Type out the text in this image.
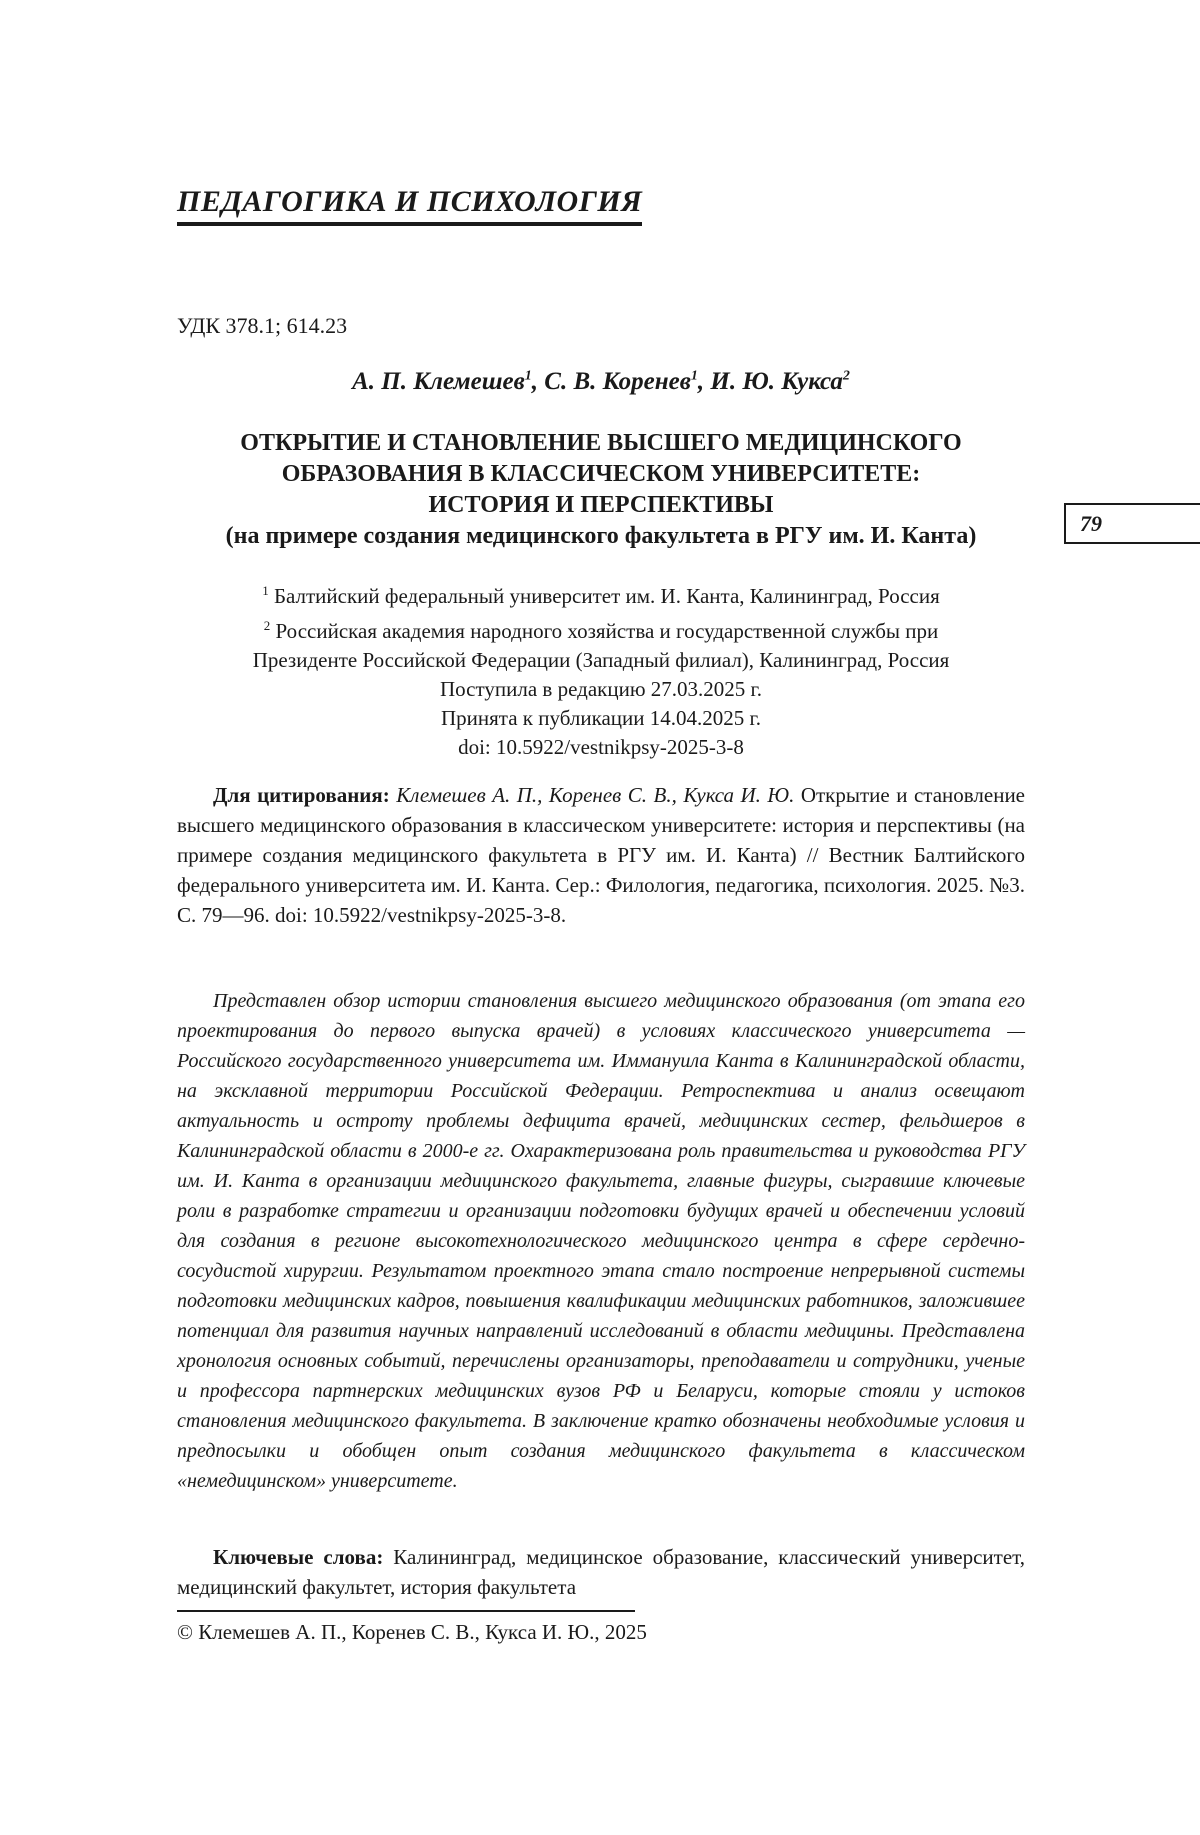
ПЕДАГОГИКА И ПСИХОЛОГИЯ

УДК 378.1; 614.23

А. П. Клемешев$^1$, С. В. Коренев$^1$, И. Ю. Кукса$^2$

ОТКРЫТИЕ И СТАНОВЛЕНИЕ ВЫСШЕГО МЕДИЦИНСКОГО
ОБРАЗОВАНИЯ В КЛАССИЧЕСКОМ УНИВЕРСИТЕТЕ:
ИСТОРИЯ И ПЕРСПЕКТИВЫ
(на примере создания медицинского факультета в РГУ им. И. Канта)	79
$^1$ Балтийский федеральный университет им. И. Канта, Калининград, Россия
$^2$ Российская академия народного хозяйства и государственной службы при
Президенте Российской Федерации (Западный филиал), Калининград, Россия
Поступила в редакцию 27.03.2025 г.
Принята к публикации 14.04.2025 г.
doi: 10.5922/vestnikpsy-2025-3-8

Для цитирования: Клемешев А. П., Коренев С. В., Кукса И. Ю. Открытие и становление высшего медицинского образования в классическом университете: история и перспективы (на примере создания медицинского факультета в РГУ им. И. Канта) // Вестник Балтийского федерального университета им. И. Канта. Сер.: Филология, педагогика, психология. 2025. №3. С. 79—96. doi: 10.5922/vestnikpsy-2025-3-8.

Представлен обзор истории становления высшего медицинского образования (от этапа его проектирования до первого выпуска врачей) в условиях классического университета — Российского государственного университета им. Иммануила Канта в Калининградской области, на эксклавной территории Российской Федерации. Ретроспектива и анализ освещают актуальность и остроту проблемы дефицита врачей, медицинских сестер, фельдшеров в Калининградской области в 2000-е гг. Охарактеризована роль правительства и руководства РГУ им. И. Канта в организации медицинского факультета, главные фигуры, сыгравшие ключевые роли в разработке стратегии и организации подготовки будущих врачей и обеспечении условий для создания в регионе высокотехнологического медицинского центра в сфере сердечно-сосудистой хирургии. Результатом проектного этапа стало построение непрерывной системы подготовки медицинских кадров, повышения квалификации медицинских работников, заложившее потенциал для развития научных направлений исследований в области медицины. Представлена хронология основных событий, перечислены организаторы, преподаватели и сотрудники, ученые и профессора партнерских медицинских вузов РФ и Беларуси, которые стояли у истоков становления медицинского факультета. В заключение кратко обозначены необходимые условия и предпосылки и обобщен опыт создания медицинского факультета в классическом «немедицинском» университете.

Ключевые слова: Калининград, медицинское образование, классический университет, медицинский факультет, история факультета

© Клемешев А. П., Коренев С. В., Кукса И. Ю., 2025
